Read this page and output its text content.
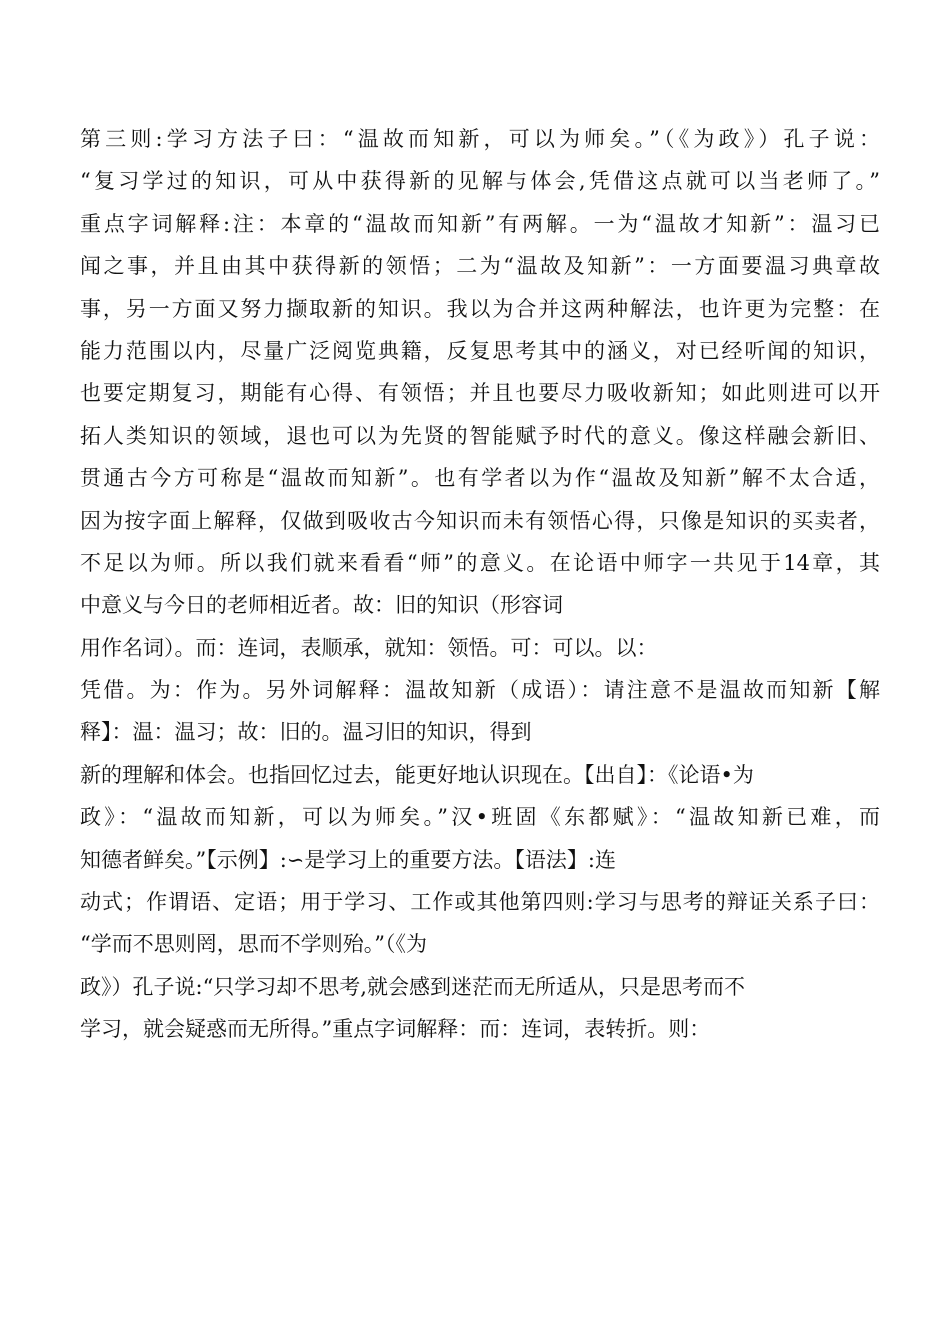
第三则:学习方法子曰：“温故而知新，可以为师矣。”（《为政》）孔子说：
“复习学过的知识，可从中获得新的见解与体会,凭借这点就可以当老师了。”
重点字词解释:注：本章的“温故而知新”有两解。一为“温故才知新”：温习已
闻之事，并且由其中获得新的领悟；二为“温故及知新”：一方面要温习典章故
事，另一方面又努力撷取新的知识。我以为合并这两种解法，也许更为完整：在
能力范围以内，尽量广泛阅览典籍，反复思考其中的涵义，对已经听闻的知识，
也要定期复习，期能有心得、有领悟；并且也要尽力吸收新知；如此则进可以开
拓人类知识的领域，退也可以为先贤的智能赋予时代的意义。像这样融会新旧、
贯通古今方可称是“温故而知新”。也有学者以为作“温故及知新”解不太合适，
因为按字面上解释，仅做到吸收古今知识而未有领悟心得，只像是知识的买卖者，
不足以为师。所以我们就来看看“师”的意义。在论语中师字一共见于14章，其
中意义与今日的老师相近者。故：旧的知识（形容词
用作名词）。而：连词，表顺承，就知：领悟。可：可以。以：
凭借。为：作为。另外词解释：温故知新（成语）：请注意不是温故而知新【解
释】：温：温习；故：旧的。温习旧的知识，得到
新的理解和体会。也指回忆过去，能更好地认识现在。【出自】：《论语•为
政》：“温故而知新，可以为师矣。”汉•班固《东都赋》：“温故知新已难，而
知德者鲜矣。”【示例】:∽是学习上的重要方法。【语法】:连
动式；作谓语、定语；用于学习、工作或其他第四则:学习与思考的辩证关系子曰：
“学而不思则罔，思而不学则殆。”（《为
政》）孔子说:“只学习却不思考,就会感到迷茫而无所适从，只是思考而不
学习，就会疑惑而无所得。”重点字词解释：而：连词，表转折。则：
